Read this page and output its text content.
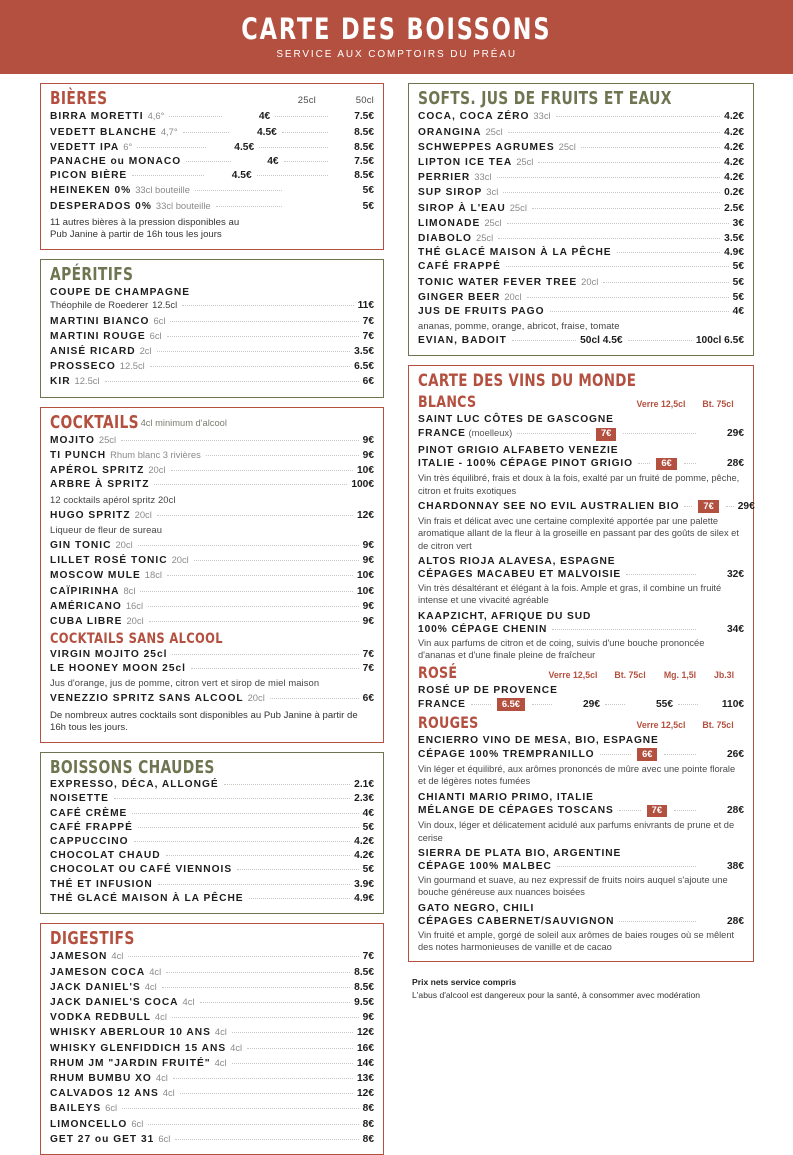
CARTE DES BOISSONS
SERVICE AUX COMPTOIRS DU PRÉAU
BIÈRES	25cl	50cl
BIRRA MORETTI 4,6°	4€	7.5€
VEDETT BLANCHE 4,7°	4.5€	8.5€
VEDETT IPA 6°	4.5€	8.5€
PANACHE ou MONACO	4€	7.5€
PICON BIÈRE	4.5€	8.5€
HEINEKEN 0% 33cl bouteille	5€
DESPERADOS 0% 33cl bouteille	5€
11 autres bières à la pression disponibles au
Pub Janine à partir de 16h tous les jours
APÉRITIFS
COUPE DE CHAMPAGNE
Théophile de Roederer 12.5cl	11€
MARTINI BIANCO 6cl	7€
MARTINI ROUGE 6cl	7€
ANISÉ RICARD 2cl	3.5€
PROSSECO 12.5cl	6.5€
KIR 12.5cl	6€
COCKTAILS 4cl minimum d'alcool
MOJITO 25cl	9€
TI PUNCH Rhum blanc 3 rivières	9€
APÉROL SPRITZ 20cl	10€
ARBRE À SPRITZ	100€
12 cocktails apérol spritz 20cl
HUGO SPRITZ 20cl	12€
Liqueur de fleur de sureau
GIN TONIC 20cl	9€
LILLET ROSÉ TONIC 20cl	9€
MOSCOW MULE 18cl	10€
CAÏPIRINHA 8cl	10€
AMÉRICANO 16cl	9€
CUBA LIBRE 20cl	9€
COCKTAILS SANS ALCOOL
VIRGIN MOJITO 25cl	7€
LE HOONEY MOON 25cl	7€
Jus d'orange, jus de pomme, citron vert et sirop de miel maison
VENEZZIO SPRITZ SANS ALCOOL 20cl	6€
De nombreux autres cocktails sont disponibles au Pub Janine à partir de 16h tous les jours.
BOISSONS CHAUDES
EXPRESSO, DÉCA, ALLONGÉ	2.1€
NOISETTE	2.3€
CAFÉ CRÈME	4€
CAFÉ FRAPPÉ	5€
CAPPUCCINO	4.2€
CHOCOLAT CHAUD	4.2€
CHOCOLAT OU CAFÉ VIENNOIS	5€
THÉ ET INFUSION	3.9€
THÉ GLACÉ MAISON À LA PÊCHE	4.9€
DIGESTIFS
JAMESON 4cl	7€
JAMESON COCA 4cl	8.5€
JACK DANIEL'S 4cl	8.5€
JACK DANIEL'S COCA 4cl	9.5€
VODKA REDBULL 4cl	9€
WHISKY ABERLOUR 10 ANS 4cl	12€
WHISKY GLENFIDDICH 15 ANS 4cl	16€
RHUM JM "JARDIN FRUITÉ" 4cl	14€
RHUM BUMBU XO 4cl	13€
CALVADOS 12 ANS 4cl	12€
BAILEYS 6cl	8€
LIMONCELLO 6cl	8€
GET 27 ou GET 31 6cl	8€
SOFTS. JUS DE FRUITS ET EAUX
COCA, COCA ZÉRO 33cl	4.2€
ORANGINA 25cl	4.2€
SCHWEPPES AGRUMES 25cl	4.2€
LIPTON ICE TEA 25cl	4.2€
PERRIER 33cl	4.2€
SUP SIROP 3cl	0.2€
SIROP À L'EAU 25cl	2.5€
LIMONADE 25cl	3€
DIABOLO 25cl	3.5€
THÉ GLACÉ MAISON À LA PÊCHE	4.9€
CAFÉ FRAPPÉ	5€
TONIC WATER FEVER TREE 20cl	5€
GINGER BEER 20cl	5€
JUS DE FRUITS PAGO	4€
ananas, pomme, orange, abricot, fraise, tomate
EVIAN, BADOIT	50cl 4.5€	100cl 6.5€
CARTE DES VINS DU MONDE
BLANCS	Verre 12,5cl	Bt. 75cl
SAINT LUC CÔTES DE GASCOGNE
FRANCE (moelleux)	7€	29€
PINOT GRIGIO ALFABETO VENEZIE
ITALIE - 100% CÉPAGE PINOT GRIGIO	6€	28€
Vin très équilibré, frais et doux à la fois, exalté par un fruité de pomme, pêche, citron et fruits exotiques
CHARDONNAY SEE NO EVIL AUSTRALIEN BIO	7€	29€
Vin frais et délicat avec une certaine complexité apportée par une palette aromatique allant de la fleur à la groseille en passant par des goûts de silex et de citron vert
ALTOS RIOJA ALAVESA, ESPAGNE
CÉPAGES MACABEU ET MALVOISIE	32€
Vin très désaltérant et élégant à la fois. Ample et gras, il combine un fruité intense et une vivacité agréable
KAAPZICHT, AFRIQUE DU SUD
100% CÉPAGE CHENIN	34€
Vin aux parfums de citron et de coing, suivis d'une bouche prononcée d'ananas et d'une finale pleine de fraîcheur
ROSÉ	Verre 12,5cl	Bt. 75cl	Mg. 1,5l	Jb.3l
ROSÉ UP DE PROVENCE
FRANCE	6.5€	29€	55€	110€
ROUGES	Verre 12,5cl	Bt. 75cl
ENCIERRO VINO DE MESA, BIO, ESPAGNE
CÉPAGE 100% TREMPRANILLO	6€	26€
Vin léger et équilibré, aux arômes prononcés de mûre avec une pointe florale et de légères notes fumées
CHIANTI MARIO PRIMO, ITALIE
MÉLANGE DE CÉPAGES TOSCANS	7€	28€
Vin doux, léger et délicatement acidulé aux parfums enivrants de prune et de cerise
SIERRA DE PLATA BIO, ARGENTINE
CÉPAGE 100% MALBEC	38€
Vin gourmand et suave, au nez expressif de fruits noirs auquel s'ajoute une bouche généreuse aux nuances boisées
GATO NEGRO, CHILI
CÉPAGES CABERNET/SAUVIGNON	28€
Vin fruité et ample, gorgé de soleil aux arômes de baies rouges où se mêlent des notes harmonieuses de vanille et de cacao
Prix nets service compris
L'abus d'alcool est dangereux pour la santé, à consommer avec modération
